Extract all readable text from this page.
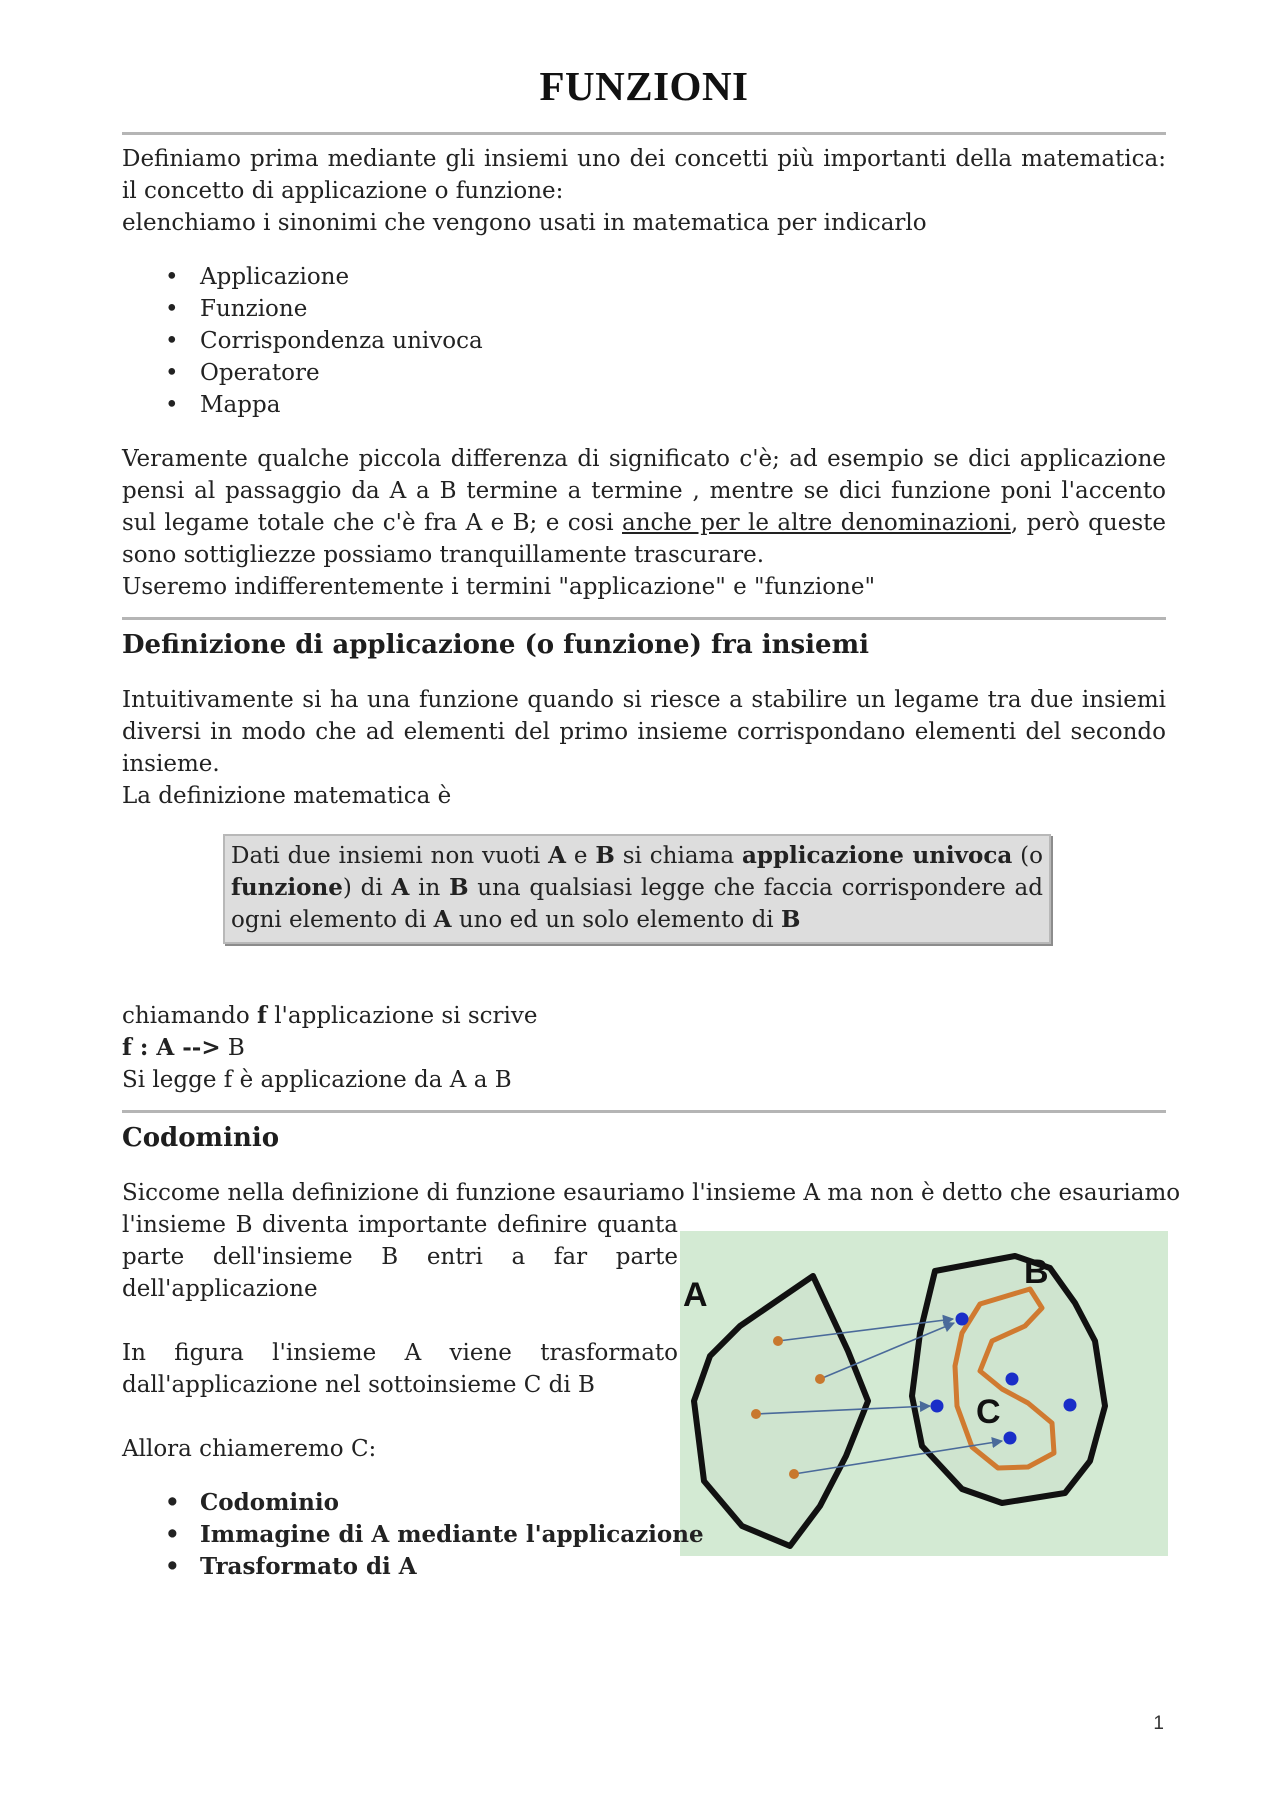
FUNZIONI

Definiamo prima mediante gli insiemi uno dei concetti più importanti della matematica: il concetto di applicazione o funzione:

elenchiamo i sinonimi che vengono usati in matematica per indicarlo

• Applicazione
• Funzione
• Corrispondenza univoca
• Operatore
• Mappa

Veramente qualche piccola differenza di significato c'è; ad esempio se dici applicazione pensi al passaggio da A a B termine a termine , mentre se dici funzione poni l'accento sul legame totale che c'è fra A e B; e cosi anche per le altre denominazioni, però queste sono sottigliezze possiamo tranquillamente trascurare.

Useremo indifferentemente i termini "applicazione" e "funzione"

Definizione di applicazione (o funzione) fra insiemi

Intuitivamente si ha una funzione quando si riesce a stabilire un legame tra due insiemi diversi in modo che ad elementi del primo insieme corrispondano elementi del secondo insieme.

La definizione matematica è

Dati due insiemi non vuoti A e B si chiama applicazione univoca (o funzione) di A in B una qualsiasi legge che faccia corrispondere ad ogni elemento di A uno ed un solo elemento di B

chiamando f l'applicazione si scrive

f : A --> B

Si legge f è applicazione da A a B

Codominio

Siccome nella definizione di funzione esauriamo l'insieme A ma non è detto che esauriamo

A
B
C

l'insieme B diventa importante definire quanta parte dell'insieme B entri a far parte dell'applicazione

In figura l'insieme A viene trasformato dall'applicazione nel sottoinsieme C di B

Allora chiameremo C:

• Codominio
• Immagine di A mediante l'applicazione
• Trasformato di A
1
